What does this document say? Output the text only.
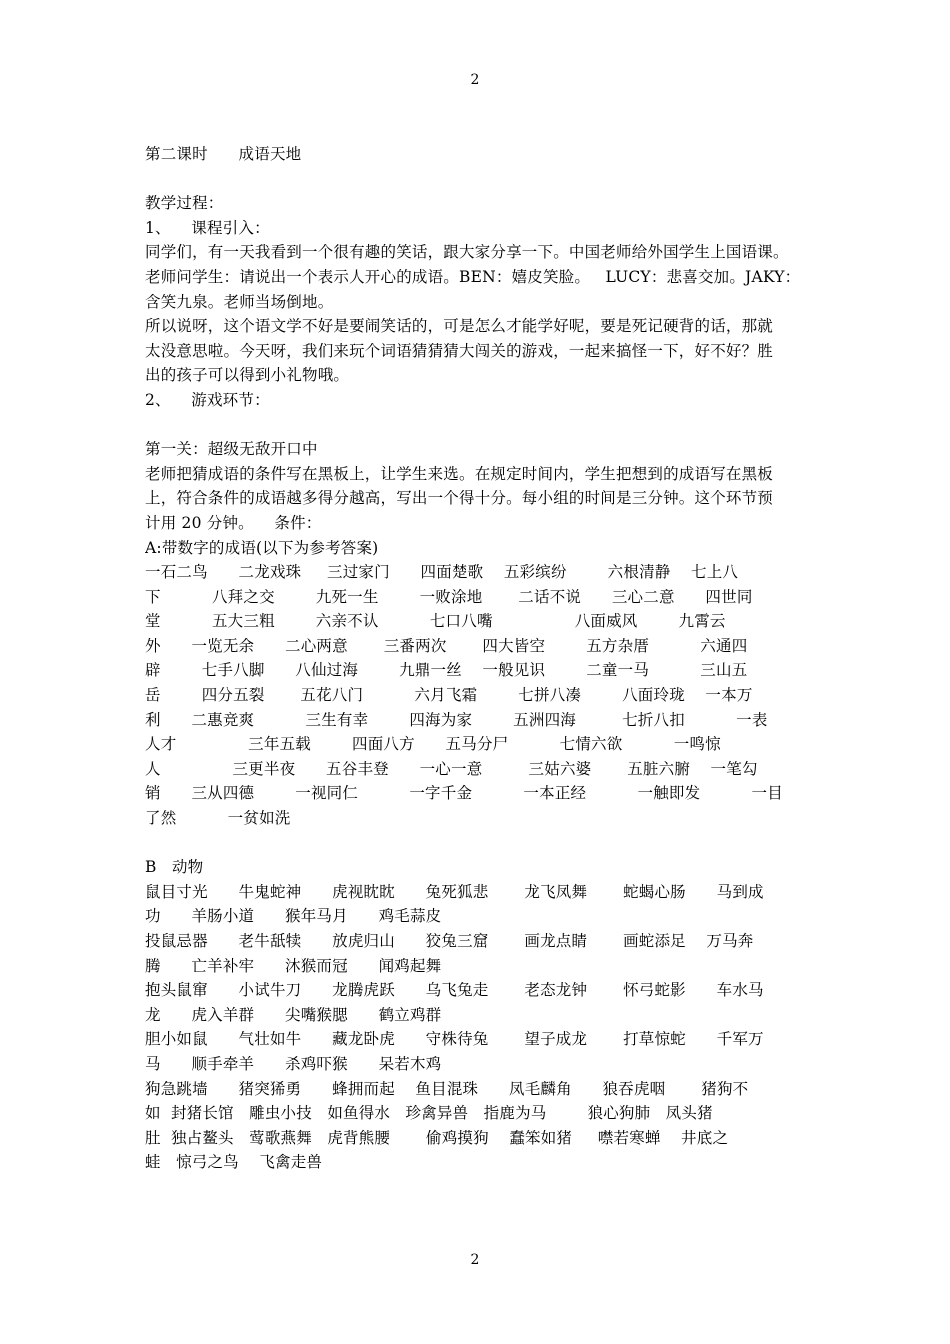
2
第二课时      成语天地
教学过程：
1、    课程引入：
同学们，有一天我看到一个很有趣的笑话，跟大家分享一下。中国老师给外国学生上国语课。
老师问学生：请说出一个表示人开心的成语。BEN：嬉皮笑脸。   LUCY：悲喜交加。JAKY：
含笑九泉。老师当场倒地。
所以说呀，这个语文学不好是要闹笑话的，可是怎么才能学好呢，要是死记硬背的话，那就
太没意思啦。今天呀，我们来玩个词语猜猜猜大闯关的游戏，一起来搞怪一下，好不好？胜
出的孩子可以得到小礼物哦。
2、    游戏环节：
第一关：超级无敌开口中
老师把猜成语的条件写在黑板上，让学生来选。在规定时间内，学生把想到的成语写在黑板
上，符合条件的成语越多得分越高，写出一个得十分。每小组的时间是三分钟。这个环节预
计用 20 分钟。    条件：
A:带数字的成语(以下为参考答案)
一石二鸟      二龙戏珠     三过家门      四面楚歌    五彩缤纷        六根清静    七上八
下          八拜之交        九死一生        一败涂地       二话不说      三心二意      四世同
堂          五大三粗        六亲不认          七口八嘴                八面威风        九霄云
外      一览无余      二心两意       三番两次       四大皆空        五方杂厝          六通四
辟        七手八脚      八仙过海        九鼎一丝    一般见识        二童一马          三山五
岳        四分五裂       五花八门          六月飞霜        七拼八凑        八面玲珑    一本万
利      二惠竞爽          三生有幸        四海为家        五洲四海         七折八扣          一表
人才              三年五载        四面八方      五马分尸          七情六欲          一鸣惊
人              三更半夜      五谷丰登      一心一意         三姑六婆       五脏六腑    一笔勾
销      三从四德        一视同仁          一字千金          一本正经          一触即发          一目
了然          一贫如洗
B   动物
鼠目寸光      牛鬼蛇神      虎视眈眈      兔死狐悲       龙飞凤舞       蛇蝎心肠      马到成
功      羊肠小道      猴年马月      鸡毛蒜皮
投鼠忌器      老牛舐犊      放虎归山      狡兔三窟       画龙点睛       画蛇添足    万马奔
腾      亡羊补牢      沐猴而冠      闻鸡起舞
抱头鼠窜      小试牛刀      龙腾虎跃      乌飞兔走       老态龙钟       怀弓蛇影      车水马
龙      虎入羊群      尖嘴猴腮      鹤立鸡群
胆小如鼠      气壮如牛      藏龙卧虎      守株待兔       望子成龙       打草惊蛇      千军万
马      顺手牵羊      杀鸡吓猴      呆若木鸡
狗急跳墙      猪突狶勇      蜂拥而起    鱼目混珠      凤毛麟角      狼吞虎咽       猪狗不
如  封猪长馆   雕虫小技   如鱼得水   珍禽异兽   指鹿为马        狼心狗肺   凤头猪
肚  独占鳌头   莺歌燕舞   虎背熊腰       偷鸡摸狗    蠢笨如猪     噤若寒蝉    井底之
蛙   惊弓之鸟    飞禽走兽
2
